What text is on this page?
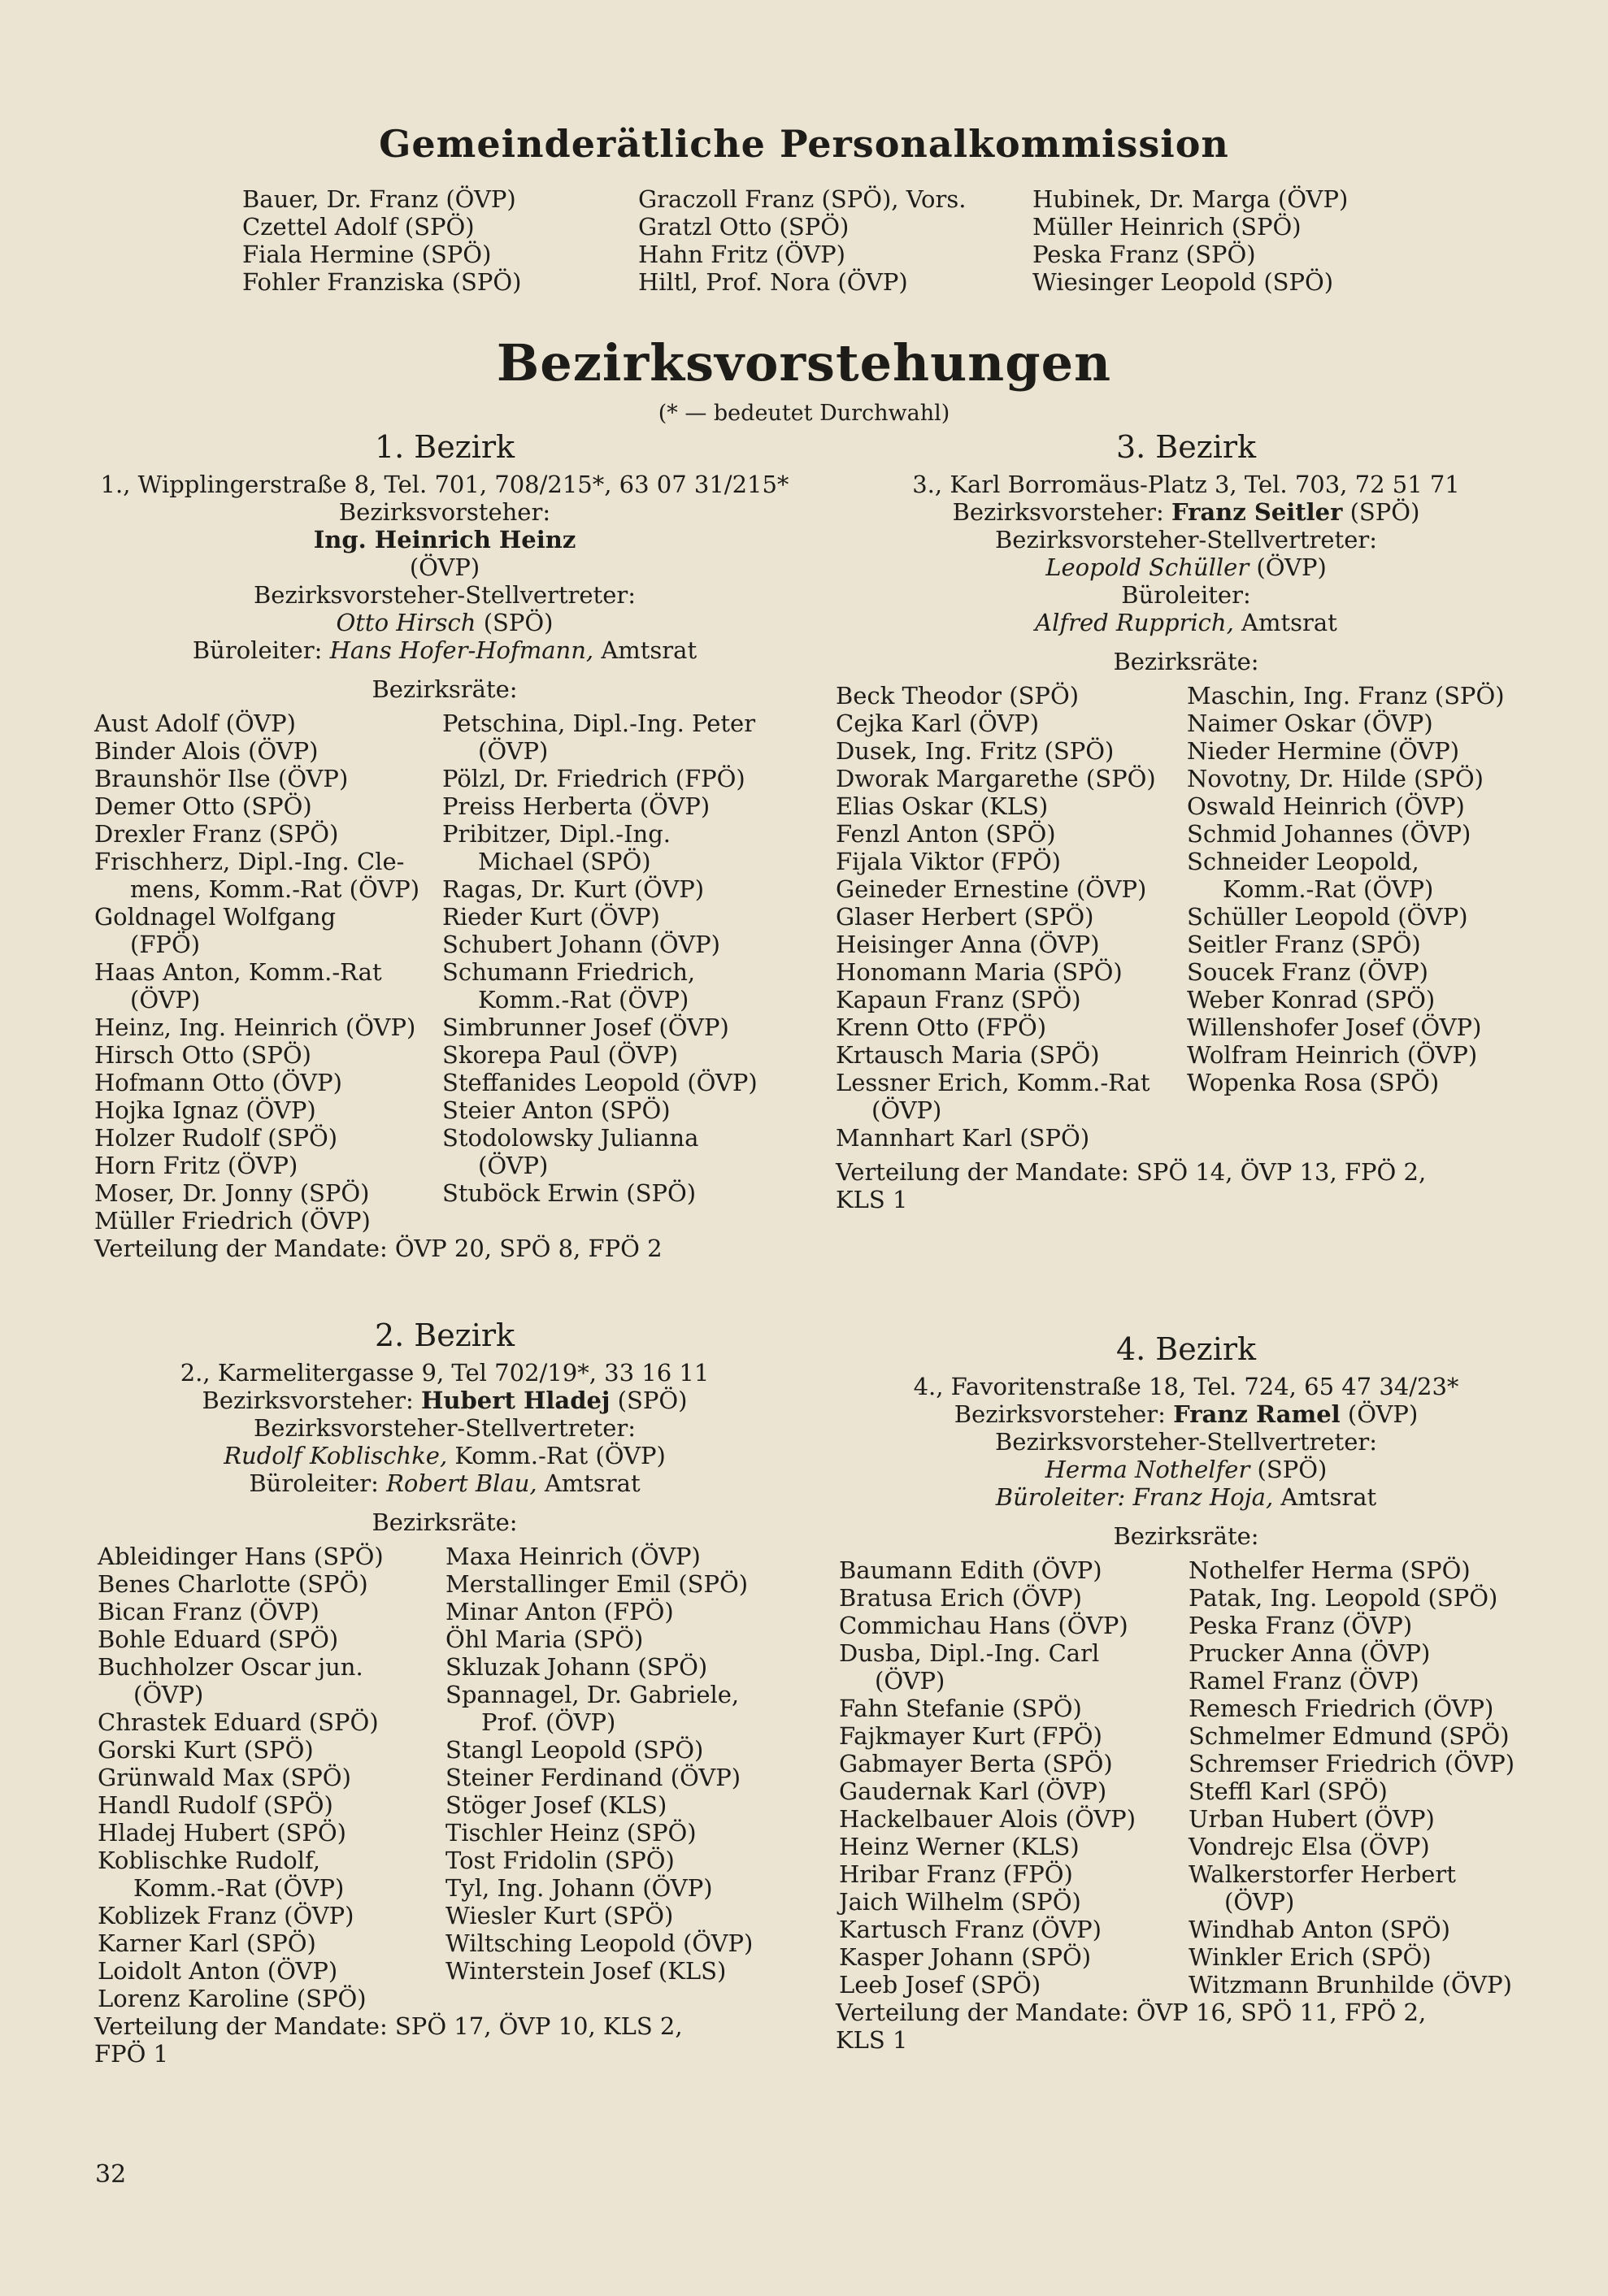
Gemeinderätliche Personalkommission
Bauer, Dr. Franz (ÖVP)
Czettel Adolf (SPÖ)
Fiala Hermine (SPÖ)
Fohler Franziska (SPÖ)
Graczoll Franz (SPÖ), Vors.
Gratzl Otto (SPÖ)
Hahn Fritz (ÖVP)
Hiltl, Prof. Nora (ÖVP)
Hubinek, Dr. Marga (ÖVP)
Müller Heinrich (SPÖ)
Peska Franz (SPÖ)
Wiesinger Leopold (SPÖ)
Bezirksvorstehungen
(* — bedeutet Durchwahl)
1. Bezirk
1., Wipplingerstraße 8, Tel. 701, 708/215*, 63 07 31/215*
Bezirksvorsteher:
Ing. Heinrich Heinz
(ÖVP)
Bezirksvorsteher-Stellvertreter:
Otto Hirsch (SPÖ)
Büroleiter: Hans Hofer-Hofmann, Amtsrat
Bezirksräte:
Aust Adolf (ÖVP)
Binder Alois (ÖVP)
Braunshör Ilse (ÖVP)
Demer Otto (SPÖ)
Drexler Franz (SPÖ)
Frischherz, Dipl.-Ing. Cle-
mens, Komm.-Rat (ÖVP)
Goldnagel Wolfgang
(FPÖ)
Haas Anton, Komm.-Rat
(ÖVP)
Heinz, Ing. Heinrich (ÖVP)
Hirsch Otto (SPÖ)
Hofmann Otto (ÖVP)
Hojka Ignaz (ÖVP)
Holzer Rudolf (SPÖ)
Horn Fritz (ÖVP)
Moser, Dr. Jonny (SPÖ)
Müller Friedrich (ÖVP)
Petschina, Dipl.-Ing. Peter
(ÖVP)
Pölzl, Dr. Friedrich (FPÖ)
Preiss Herberta (ÖVP)
Pribitzer, Dipl.-Ing.
Michael (SPÖ)
Ragas, Dr. Kurt (ÖVP)
Rieder Kurt (ÖVP)
Schubert Johann (ÖVP)
Schumann Friedrich,
Komm.-Rat (ÖVP)
Simbrunner Josef (ÖVP)
Skorepa Paul (ÖVP)
Steffanides Leopold (ÖVP)
Steier Anton (SPÖ)
Stodolowsky Julianna
(ÖVP)
Stuböck Erwin (SPÖ)
Verteilung der Mandate: ÖVP 20, SPÖ 8, FPÖ 2
2. Bezirk
2., Karmelitergasse 9, Tel 702/19*, 33 16 11
Bezirksvorsteher: Hubert Hladej (SPÖ)
Bezirksvorsteher-Stellvertreter:
Rudolf Koblischke, Komm.-Rat (ÖVP)
Büroleiter: Robert Blau, Amtsrat
Bezirksräte:
Ableidinger Hans (SPÖ)
Benes Charlotte (SPÖ)
Bican Franz (ÖVP)
Bohle Eduard (SPÖ)
Buchholzer Oscar jun.
(ÖVP)
Chrastek Eduard (SPÖ)
Gorski Kurt (SPÖ)
Grünwald Max (SPÖ)
Handl Rudolf (SPÖ)
Hladej Hubert (SPÖ)
Koblischke Rudolf,
Komm.-Rat (ÖVP)
Koblizek Franz (ÖVP)
Karner Karl (SPÖ)
Loidolt Anton (ÖVP)
Lorenz Karoline (SPÖ)
Maxa Heinrich (ÖVP)
Merstallinger Emil (SPÖ)
Minar Anton (FPÖ)
Öhl Maria (SPÖ)
Skluzak Johann (SPÖ)
Spannagel, Dr. Gabriele,
Prof. (ÖVP)
Stangl Leopold (SPÖ)
Steiner Ferdinand (ÖVP)
Stöger Josef (KLS)
Tischler Heinz (SPÖ)
Tost Fridolin (SPÖ)
Tyl, Ing. Johann (ÖVP)
Wiesler Kurt (SPÖ)
Wiltsching Leopold (ÖVP)
Winterstein Josef (KLS)
Verteilung der Mandate: SPÖ 17, ÖVP 10, KLS 2,
FPÖ 1
3. Bezirk
3., Karl Borromäus-Platz 3, Tel. 703, 72 51 71
Bezirksvorsteher: Franz Seitler (SPÖ)
Bezirksvorsteher-Stellvertreter:
Leopold Schüller (ÖVP)
Büroleiter:
Alfred Rupprich, Amtsrat
Bezirksräte:
Beck Theodor (SPÖ)
Cejka Karl (ÖVP)
Dusek, Ing. Fritz (SPÖ)
Dworak Margarethe (SPÖ)
Elias Oskar (KLS)
Fenzl Anton (SPÖ)
Fijala Viktor (FPÖ)
Geineder Ernestine (ÖVP)
Glaser Herbert (SPÖ)
Heisinger Anna (ÖVP)
Honomann Maria (SPÖ)
Kapaun Franz (SPÖ)
Krenn Otto (FPÖ)
Krtausch Maria (SPÖ)
Lessner Erich, Komm.-Rat
(ÖVP)
Mannhart Karl (SPÖ)
Maschin, Ing. Franz (SPÖ)
Naimer Oskar (ÖVP)
Nieder Hermine (ÖVP)
Novotny, Dr. Hilde (SPÖ)
Oswald Heinrich (ÖVP)
Schmid Johannes (ÖVP)
Schneider Leopold,
Komm.-Rat (ÖVP)
Schüller Leopold (ÖVP)
Seitler Franz (SPÖ)
Soucek Franz (ÖVP)
Weber Konrad (SPÖ)
Willenshofer Josef (ÖVP)
Wolfram Heinrich (ÖVP)
Wopenka Rosa (SPÖ)
Verteilung der Mandate: SPÖ 14, ÖVP 13, FPÖ 2,
KLS 1
4. Bezirk
4., Favoritenstraße 18, Tel. 724, 65 47 34/23*
Bezirksvorsteher: Franz Ramel (ÖVP)
Bezirksvorsteher-Stellvertreter:
Herma Nothelfer (SPÖ)
Büroleiter: Franz Hoja, Amtsrat
Bezirksräte:
Baumann Edith (ÖVP)
Bratusa Erich (ÖVP)
Commichau Hans (ÖVP)
Dusba, Dipl.-Ing. Carl
(ÖVP)
Fahn Stefanie (SPÖ)
Fajkmayer Kurt (FPÖ)
Gabmayer Berta (SPÖ)
Gaudernak Karl (ÖVP)
Hackelbauer Alois (ÖVP)
Heinz Werner (KLS)
Hribar Franz (FPÖ)
Jaich Wilhelm (SPÖ)
Kartusch Franz (ÖVP)
Kasper Johann (SPÖ)
Leeb Josef (SPÖ)
Nothelfer Herma (SPÖ)
Patak, Ing. Leopold (SPÖ)
Peska Franz (ÖVP)
Prucker Anna (ÖVP)
Ramel Franz (ÖVP)
Remesch Friedrich (ÖVP)
Schmelmer Edmund (SPÖ)
Schremser Friedrich (ÖVP)
Steffl Karl (SPÖ)
Urban Hubert (ÖVP)
Vondrejc Elsa (ÖVP)
Walkerstorfer Herbert
(ÖVP)
Windhab Anton (SPÖ)
Winkler Erich (SPÖ)
Witzmann Brunhilde (ÖVP)
Verteilung der Mandate: ÖVP 16, SPÖ 11, FPÖ 2,
KLS 1
32
